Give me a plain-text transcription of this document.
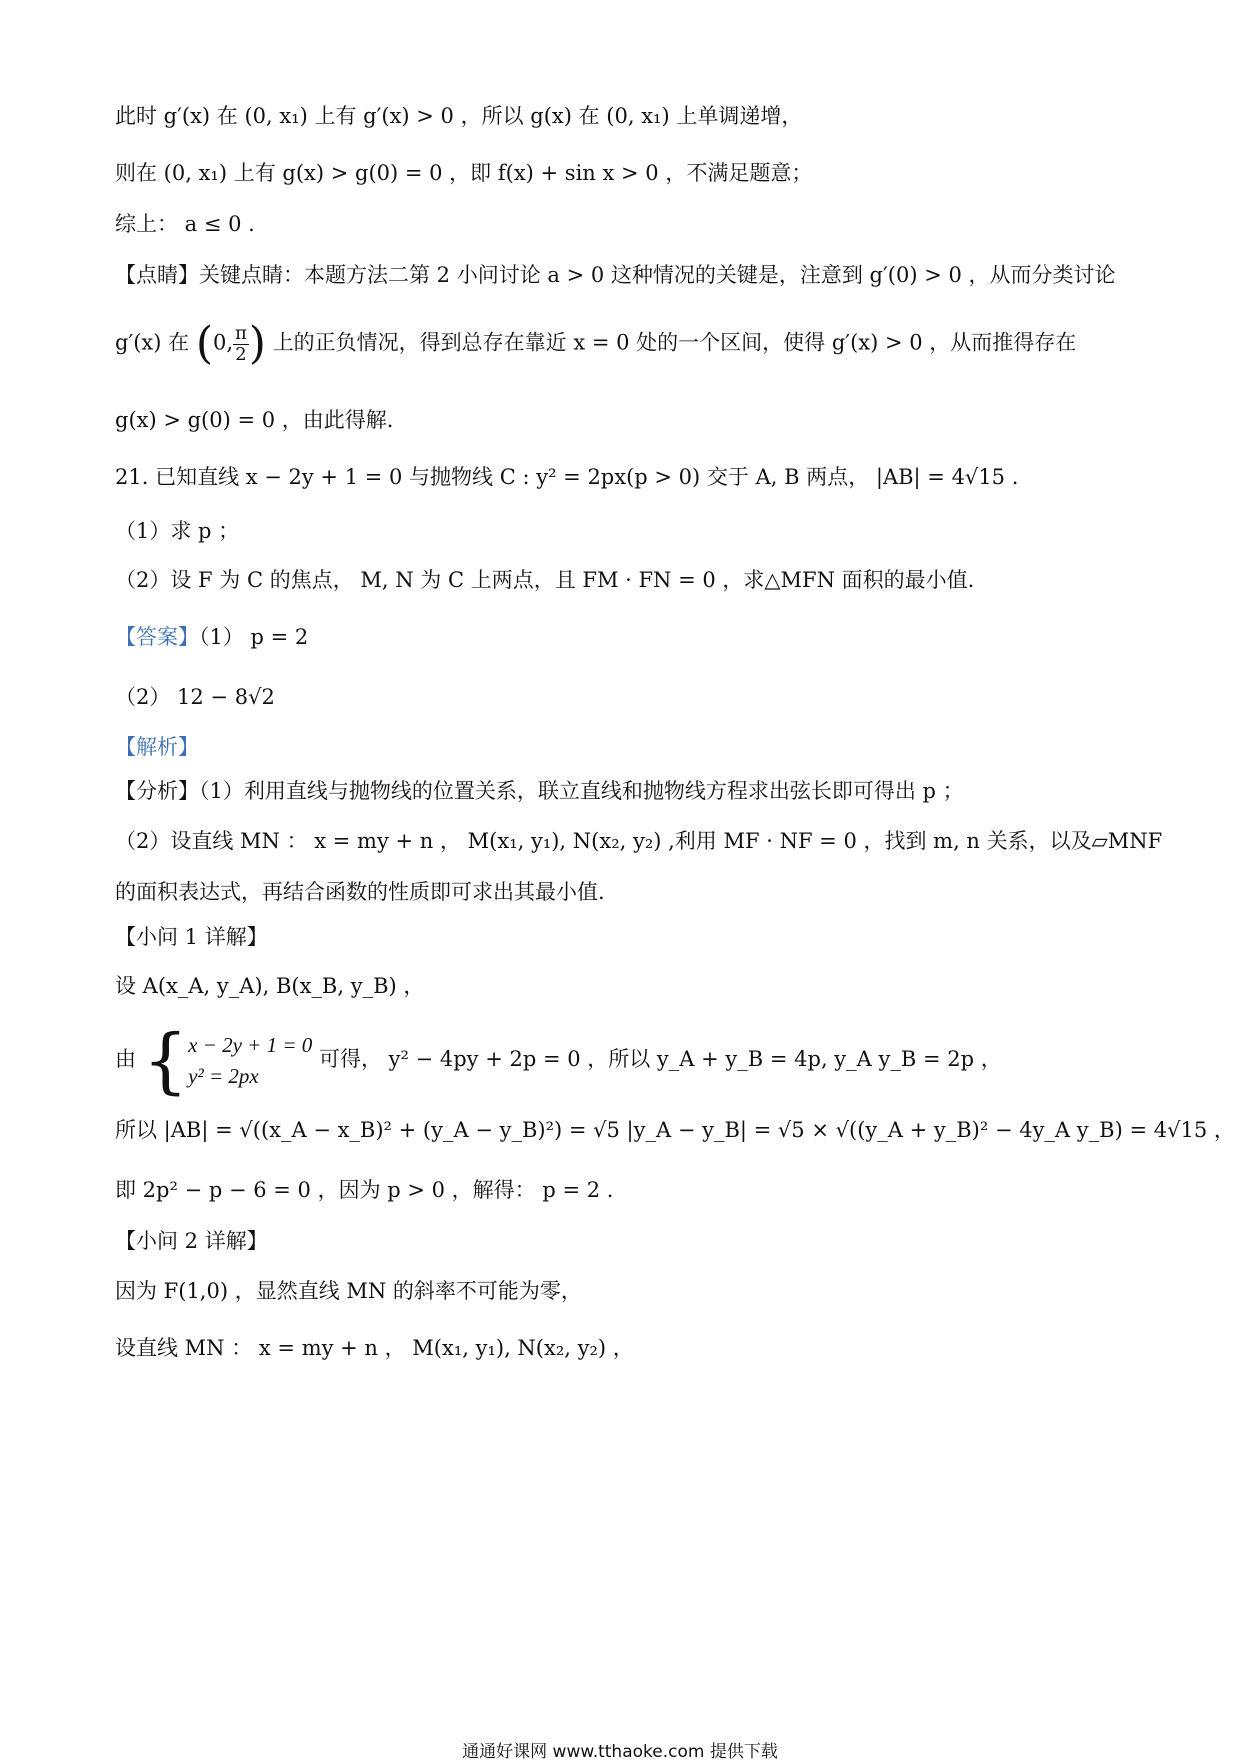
此时 g′(x) 在 (0, x₁) 上有 g′(x) > 0 ，所以 g(x) 在 (0, x₁) 上单调递增，
则在 (0, x₁) 上有 g(x) > g(0) = 0 ，即 f(x) + sin x > 0 ，不满足题意；
综上： a ≤ 0 .
【点睛】关键点睛：本题方法二第 2 小问讨论 a > 0 这种情况的关键是，注意到 g′(0) > 0 ，从而分类讨论
g′(x) 在 (0, $\frac{\pi}{2}$ ) 上的正负情况，得到总存在靠近 x = 0 处的一个区间，使得 g′(x) > 0 ，从而推得存在
g(x) > g(0) = 0 ，由此得解.
21. 已知直线 x − 2y + 1 = 0 与抛物线 C : y² = 2px(p > 0) 交于 A, B 两点， |AB| = 4√15 .
（1）求 p ；
（2）设 F 为 C 的焦点， M, N 为 C 上两点，且 FM · FN = 0 ，求△MFN 面积的最小值.
【答案】（1） p = 2
（2） 12 − 8√2
【解析】
【分析】（1）利用直线与抛物线的位置关系，联立直线和抛物线方程求出弦长即可得出 p ；
（2）设直线 MN ： x = my + n ， M(x₁, y₁), N(x₂, y₂) ,利用 MF · NF = 0 ，找到 m, n 关系，以及▱MNF
的面积表达式，再结合函数的性质即可求出其最小值.
【小问 1 详解】
设 A(x_A, y_A), B(x_B, y_B) ，
由 { x − 2y + 1 = 0
y² = 2px
可得， y² − 4py + 2p = 0 ，所以 y_A + y_B = 4p, y_A y_B = 2p ，
所以 |AB| = √((x_A − x_B)² + (y_A − y_B)²) = √5 |y_A − y_B| = √5 × √((y_A + y_B)² − 4y_A y_B) = 4√15 ，
即 2p² − p − 6 = 0 ，因为 p > 0 ，解得： p = 2 .
【小问 2 详解】
因为 F(1,0) ，显然直线 MN 的斜率不可能为零，
设直线 MN ： x = my + n ， M(x₁, y₁), N(x₂, y₂) ，
通通好课网 www.tthaoke.com 提供下载
